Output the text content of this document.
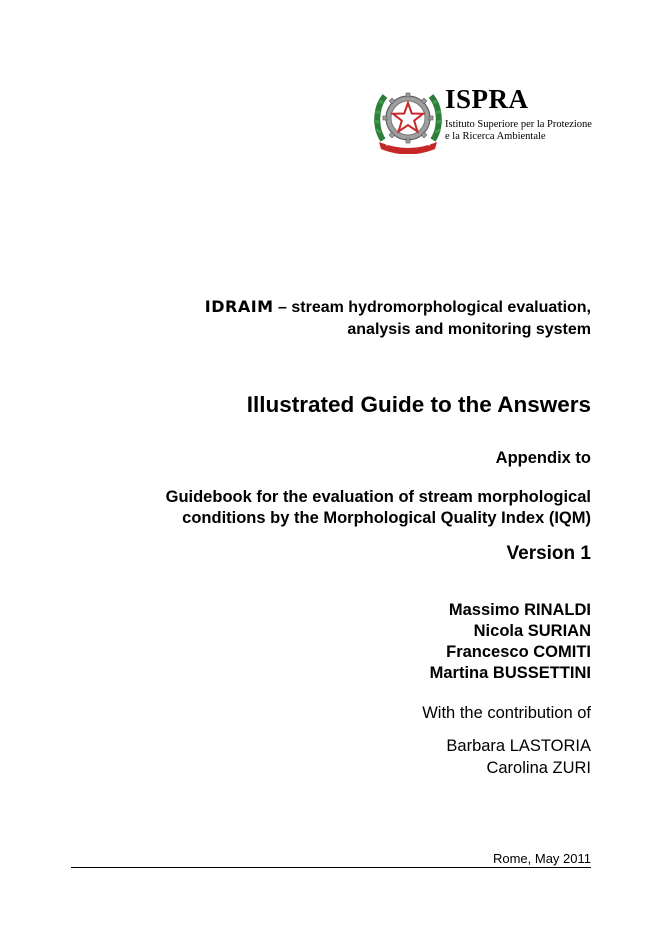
ISPRA
Istituto Superiore per la Protezione
e la Ricerca Ambientale
IDRAIM – stream hydromorphological evaluation,
analysis and monitoring system
Illustrated Guide to the Answers
Appendix to
Guidebook for the evaluation of stream morphological
conditions by the Morphological Quality Index (IQM)
Version 1
Massimo RINALDI
Nicola SURIAN
Francesco COMITI
Martina BUSSETTINI
With the contribution of
Barbara LASTORIA
Carolina ZURI
Rome, May 2011
